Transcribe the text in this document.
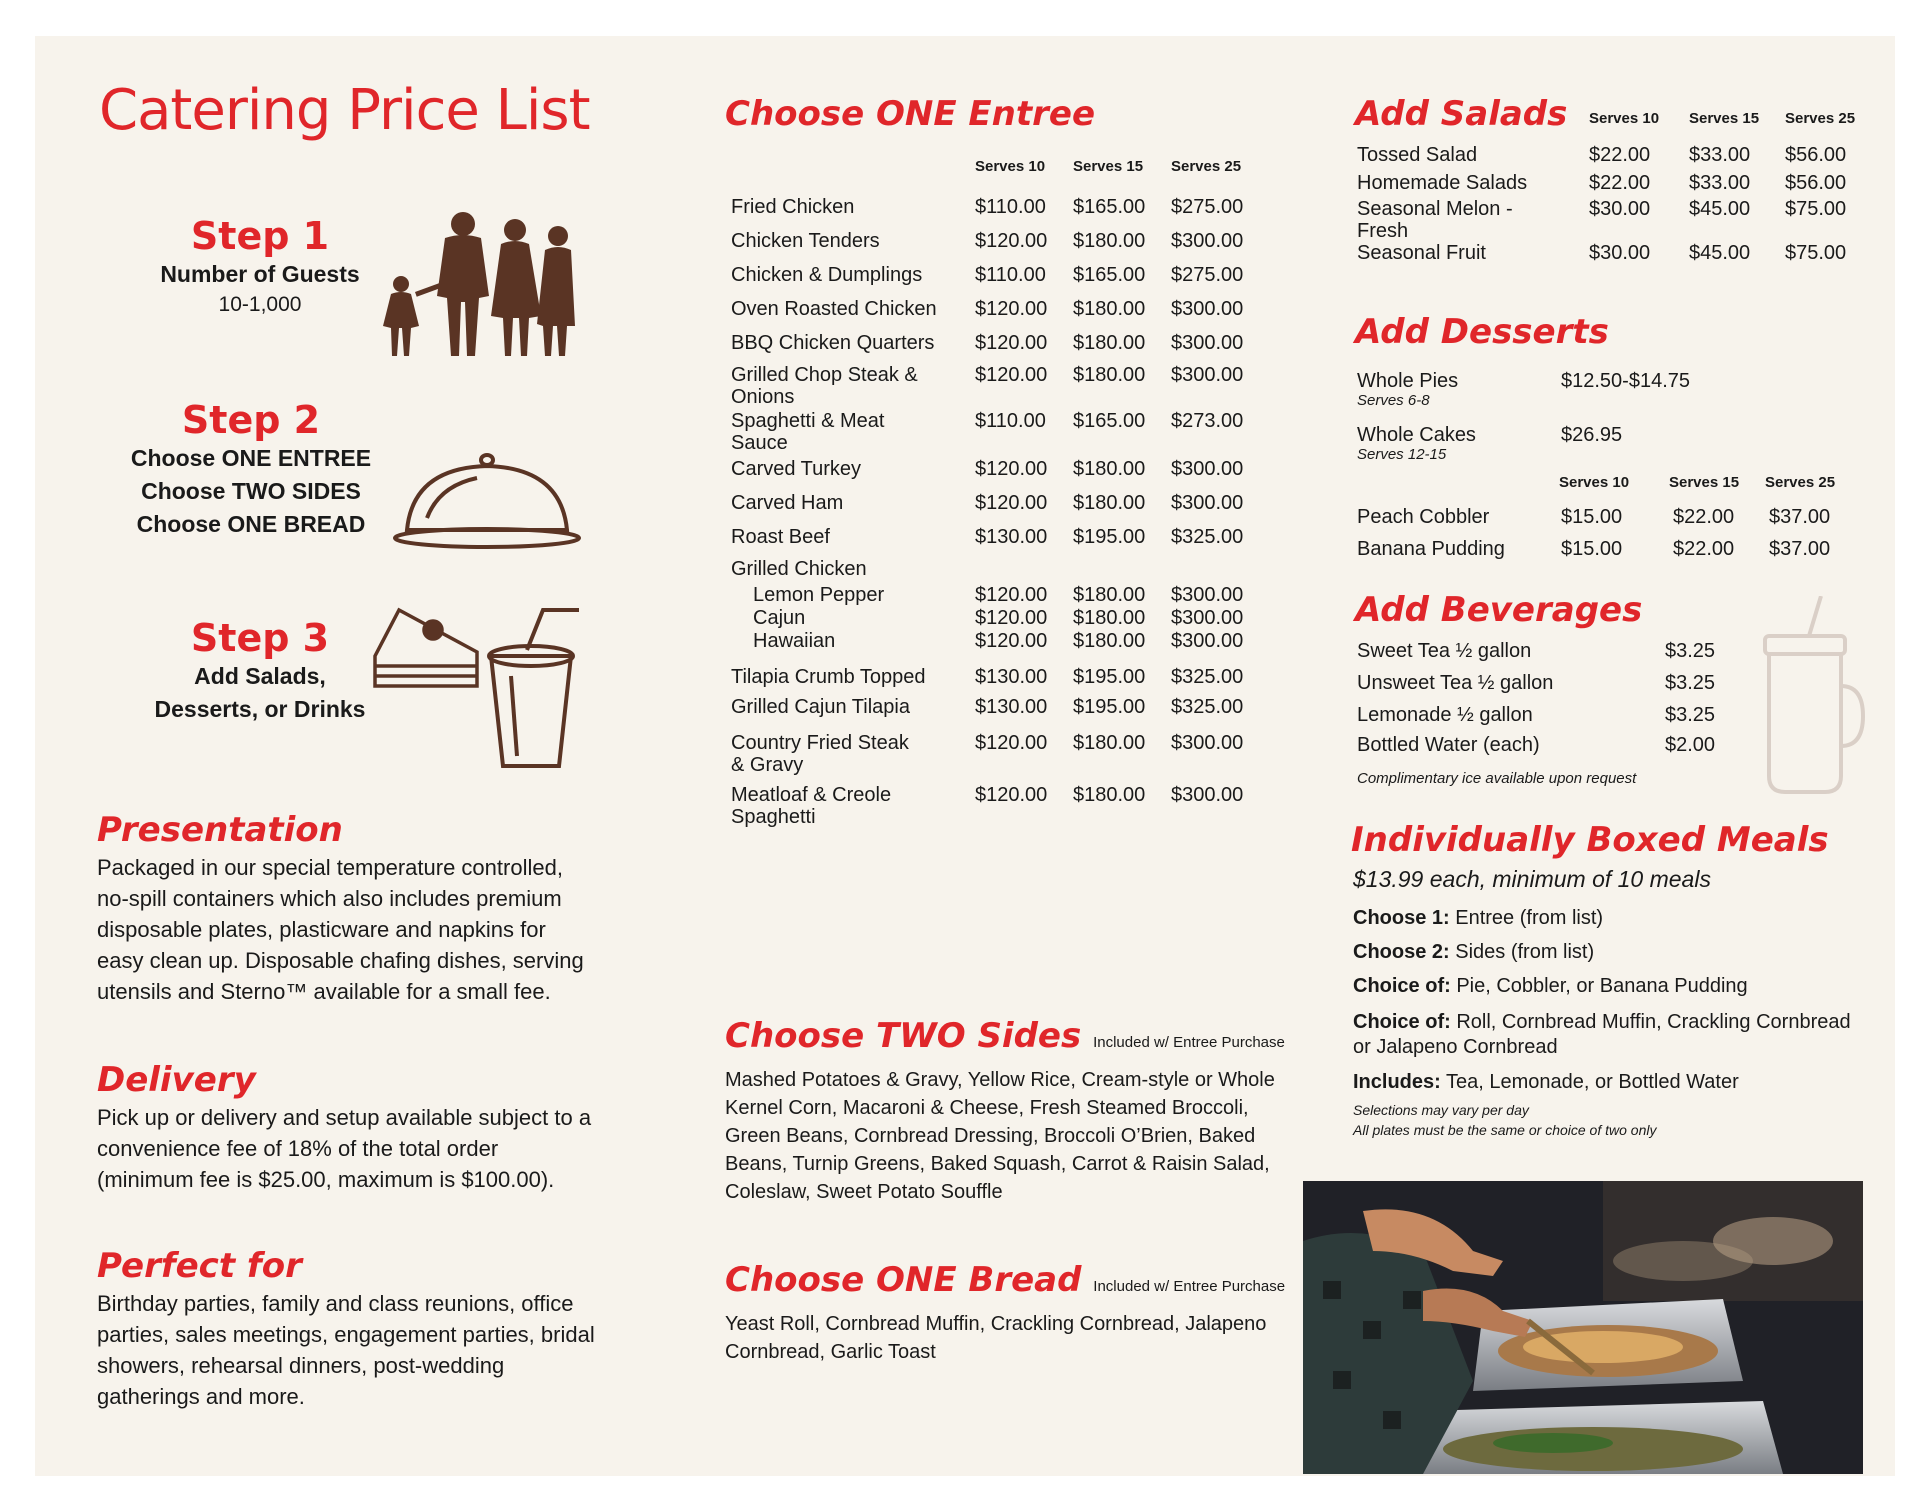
Catering Price List
Step 1
Number of Guests
10-1,000
Step 2
Choose ONE ENTREE
Choose TWO SIDES
Choose ONE BREAD
Step 3
Add Salads,
Desserts, or Drinks
Presentation
Packaged in our special temperature controlled, no-spill containers which also includes premium disposable plates, plasticware and napkins for easy clean up. Disposable chafing dishes, serving utensils and Sterno™ available for a small fee.
Delivery
Pick up or delivery and setup available subject to a convenience fee of 18% of the total order (minimum fee is $25.00, maximum is $100.00).
Perfect for
Birthday parties, family and class reunions, office parties, sales meetings, engagement parties, bridal showers, rehearsal dinners, post-wedding gatherings and more.
Choose ONE Entree
Serves 10 Serves 15 Serves 25
Fried Chicken	$110.00 $165.00 $275.00
Chicken Tenders	$120.00 $180.00 $300.00
Chicken & Dumplings	$110.00 $165.00 $275.00
Oven Roasted Chicken	$120.00 $180.00 $300.00
BBQ Chicken Quarters	$120.00 $180.00 $300.00
Grilled Chop Steak & Onions
$120.00 $180.00 $300.00
Spaghetti & Meat Sauce
$110.00 $165.00 $273.00
Carved Turkey	$120.00 $180.00 $300.00
Carved Ham	$120.00 $180.00 $300.00
Roast Beef	$130.00 $195.00 $325.00
Grilled Chicken
Lemon Pepper	$120.00 $180.00 $300.00
Cajun	$120.00 $180.00 $300.00
Hawaiian	$120.00 $180.00 $300.00
Tilapia Crumb Topped	$130.00 $195.00 $325.00
Grilled Cajun Tilapia	$130.00 $195.00 $325.00
Country Fried Steak & Gravy
$120.00 $180.00 $300.00
Meatloaf & Creole Spaghetti
$120.00 $180.00 $300.00
Choose TWO Sides Included w/ Entree Purchase
Mashed Potatoes & Gravy, Yellow Rice, Cream-style or Whole Kernel Corn, Macaroni & Cheese, Fresh Steamed Broccoli, Green Beans, Cornbread Dressing, Broccoli O’Brien, Baked Beans, Turnip Greens, Baked Squash, Carrot & Raisin Salad, Coleslaw, Sweet Potato Souffle
Choose ONE Bread Included w/ Entree Purchase
Yeast Roll, Cornbread Muffin, Crackling Cornbread, Jalapeno Cornbread, Garlic Toast
Add Salads Serves 10 Serves 15 Serves 25
Tossed Salad	$22.00 $33.00 $56.00
Homemade Salads	$22.00 $33.00 $56.00
Seasonal Melon - Fresh
$30.00 $45.00 $75.00
Seasonal Fruit	$30.00 $45.00 $75.00
Add Desserts
Whole Pies	$12.50-$14.75
Serves 6-8
Whole Cakes	$26.95
Serves 12-15
Serves 10	Serves 15 Serves 25
Peach Cobbler	$15.00	$22.00 $37.00
Banana Pudding	$15.00	$22.00 $37.00
Add Beverages
Sweet Tea ½ gallon	$3.25
Unsweet Tea ½ gallon	$3.25
Lemonade ½ gallon	$3.25
Bottled Water (each)	$2.00
Complimentary ice available upon request
Individually Boxed Meals
$13.99 each, minimum of 10 meals
Choose 1: Entree (from list)
Choose 2: Sides (from list)
Choice of: Pie, Cobbler, or Banana Pudding
Choice of: Roll, Cornbread Muffin, Crackling Cornbread or Jalapeno Cornbread
Includes: Tea, Lemonade, or Bottled Water
Selections may vary per day
All plates must be the same or choice of two only
